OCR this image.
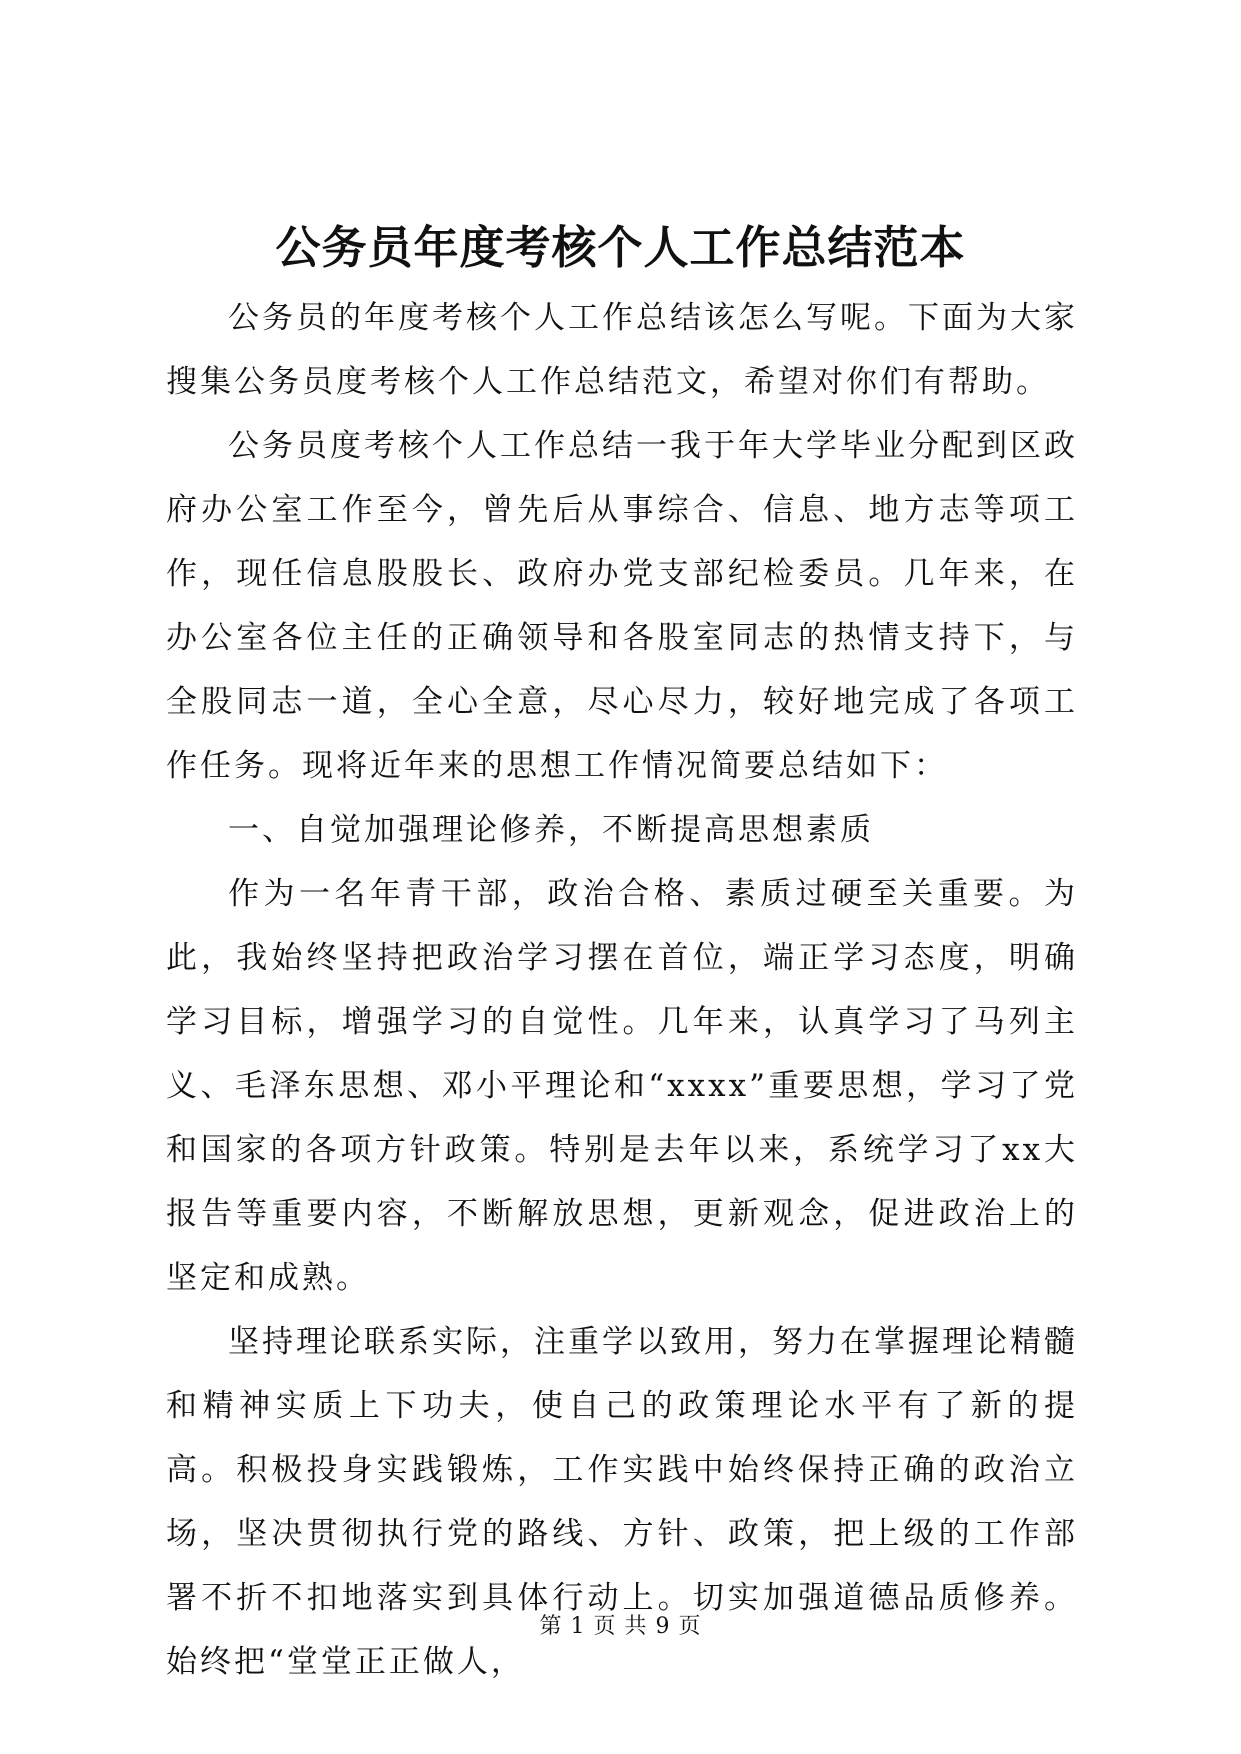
公务员年度考核个人工作总结范本

公务员的年度考核个人工作总结该怎么写呢。下面为大家搜集公务员度考核个人工作总结范文，希望对你们有帮助。

公务员度考核个人工作总结一我于年大学毕业分配到区政府办公室工作至今，曾先后从事综合、信息、地方志等项工作，现任信息股股长、政府办党支部纪检委员。几年来，在办公室各位主任的正确领导和各股室同志的热情支持下，与全股同志一道，全心全意，尽心尽力，较好地完成了各项工作任务。现将近年来的思想工作情况简要总结如下：

一、自觉加强理论修养，不断提高思想素质

作为一名年青干部，政治合格、素质过硬至关重要。为此，我始终坚持把政治学习摆在首位，端正学习态度，明确学习目标，增强学习的自觉性。几年来，认真学习了马列主义、毛泽东思想、邓小平理论和“xxxx”重要思想，学习了党和国家的各项方针政策。特别是去年以来，系统学习了xx大报告等重要内容，不断解放思想，更新观念，促进政治上的坚定和成熟。

坚持理论联系实际，注重学以致用，努力在掌握理论精髓和精神实质上下功夫，使自己的政策理论水平有了新的提高。积极投身实践锻炼，工作实践中始终保持正确的政治立场，坚决贯彻执行党的路线、方针、政策，把上级的工作部署不折不扣地落实到具体行动上。切实加强道德品质修养。始终把“堂堂正正做人，

第 1 页 共 9 页
